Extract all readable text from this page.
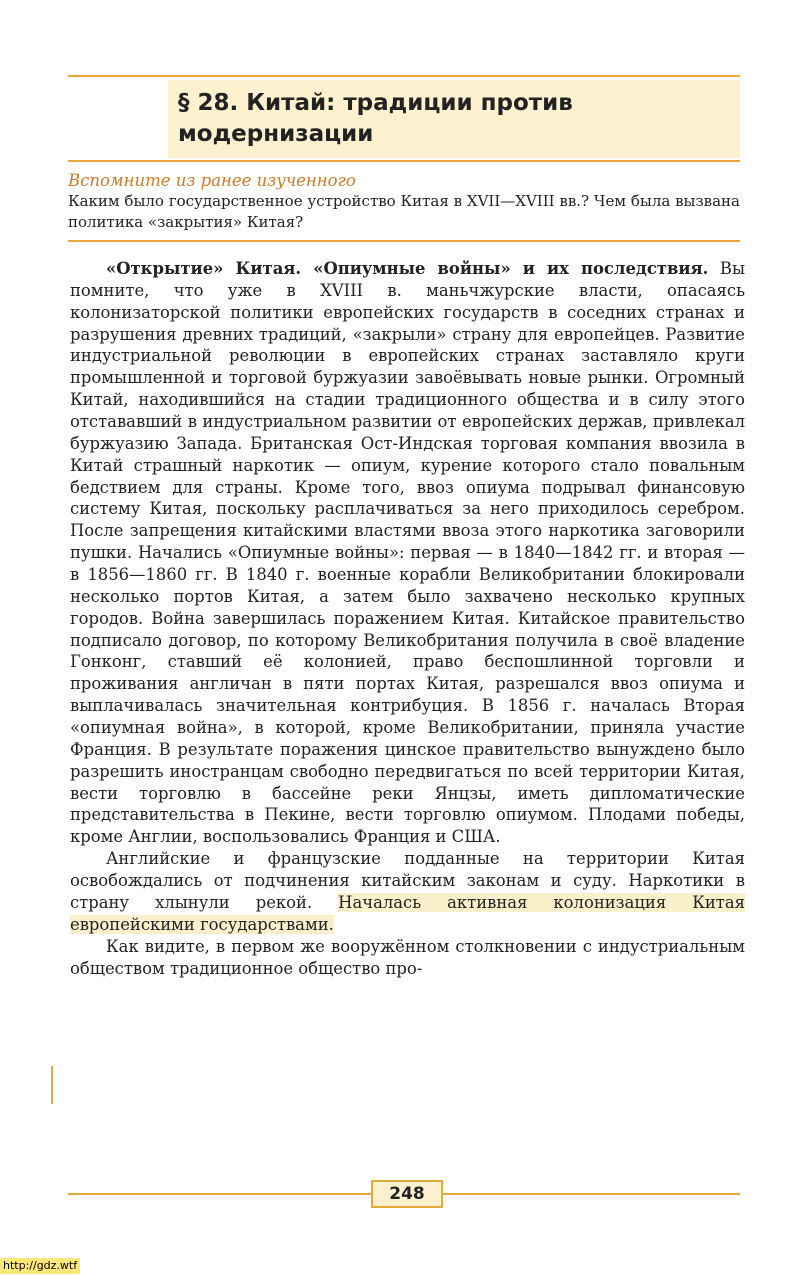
§ 28. Китай: традиции против модернизации
Вспомните из ранее изученного
Каким было государственное устройство Китая в XVII—XVIII вв.? Чем была вызвана политика «закрытия» Китая?

«Открытие» Китая. «Опиумные войны» и их последствия. Вы помните, что уже в XVIII в. маньчжурские власти, опасаясь колонизаторской политики европейских государств в соседних странах и разрушения древних традиций, «закрыли» страну для европейцев. Развитие индустриальной революции в европейских странах заставляло круги промышленной и торговой буржуазии завоёвывать новые рынки. Огромный Китай, находившийся на стадии традиционного общества и в силу этого отстававший в индустриальном развитии от европейских держав, привлекал буржуазию Запада. Британская Ост-Индская торговая компания ввозила в Китай страшный наркотик — опиум, курение которого стало повальным бедствием для страны. Кроме того, ввоз опиума подрывал финансовую систему Китая, поскольку расплачиваться за него приходилось серебром. После запрещения китайскими властями ввоза этого наркотика заговорили пушки. Начались «Опиумные войны»: первая — в 1840—1842 гг. и вторая — в 1856—1860 гг. В 1840 г. военные корабли Великобритании блокировали несколько портов Китая, а затем было захвачено несколько крупных городов. Война завершилась поражением Китая. Китайское правительство подписало договор, по которому Великобритания получила в своё владение Гонконг, ставший её колонией, право беспошлинной торговли и проживания англичан в пяти портах Китая, разрешался ввоз опиума и выплачивалась значительная контрибуция. В 1856 г. началась Вторая «опиумная война», в которой, кроме Великобритании, приняла участие Франция. В результате поражения цинское правительство вынуждено было разрешить иностранцам свободно передвигаться по всей территории Китая, вести торговлю в бассейне реки Янцзы, иметь дипломатические представительства в Пекине, вести торговлю опиумом. Плодами победы, кроме Англии, воспользовались Франция и США.

Английские и французские подданные на территории Китая освобождались от подчинения китайским законам и суду. Наркотики в страну хлынули рекой. Началась активная колонизация Китая европейскими государствами.

Как видите, в первом же вооружённом столкновении с индустриальным обществом традиционное общество про-

248
http://gdz.wtf
